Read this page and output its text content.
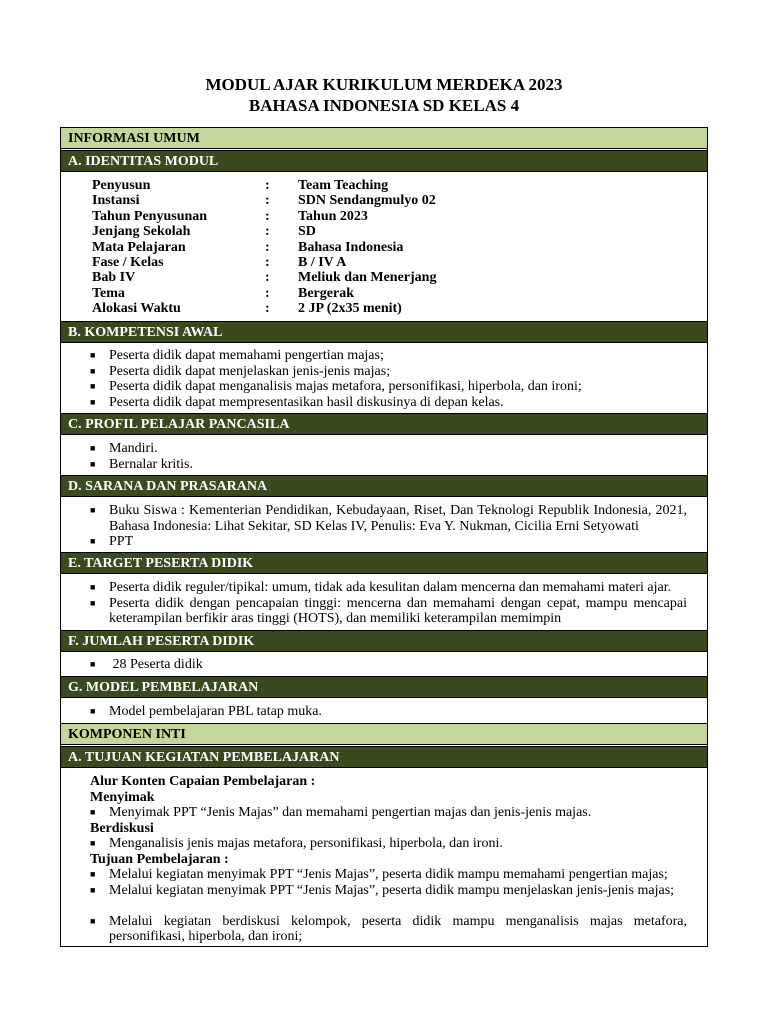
MODUL AJAR KURIKULUM MERDEKA 2023
BAHASA INDONESIA SD KELAS 4
INFORMASI UMUM
A. IDENTITAS MODUL
Penyusun	: Team Teaching
Instansi	: SDN Sendangmulyo 02
Tahun Penyusunan	: Tahun 2023
Jenjang Sekolah	: SD
Mata Pelajaran	: Bahasa Indonesia
Fase / Kelas	: B / IV A
Bab IV	: Meliuk dan Menerjang
Tema	: Bergerak
Alokasi Waktu	: 2 JP (2x35 menit)
B. KOMPETENSI AWAL
■ Peserta didik dapat memahami pengertian majas;
■ Peserta didik dapat menjelaskan jenis-jenis majas;
■ Peserta didik dapat menganalisis majas metafora, personifikasi, hiperbola, dan ironi;
■ Peserta didik dapat mempresentasikan hasil diskusinya di depan kelas.
C. PROFIL PELAJAR PANCASILA
■ Mandiri.
■ Bernalar kritis.
D. SARANA DAN PRASARANA
■ Buku Siswa : Kementerian Pendidikan, Kebudayaan, Riset, Dan Teknologi Republik Indonesia, 2021, Bahasa Indonesia: Lihat Sekitar, SD Kelas IV, Penulis: Eva Y. Nukman, Cicilia Erni Setyowati
■ PPT
E. TARGET PESERTA DIDIK
■ Peserta didik reguler/tipikal: umum, tidak ada kesulitan dalam mencerna dan memahami materi ajar.
■ Peserta didik dengan pencapaian tinggi: mencerna dan memahami dengan cepat, mampu mencapai keterampilan berfikir aras tinggi (HOTS), dan memiliki keterampilan memimpin
F. JUMLAH PESERTA DIDIK
■ 28 Peserta didik
G. MODEL PEMBELAJARAN
■ Model pembelajaran PBL tatap muka.
KOMPONEN INTI
A. TUJUAN KEGIATAN PEMBELAJARAN
Alur Konten Capaian Pembelajaran :
Menyimak
■ Menyimak PPT “Jenis Majas” dan memahami pengertian majas dan jenis-jenis majas.
Berdiskusi
■ Menganalisis jenis majas metafora, personifikasi, hiperbola, dan ironi.
Tujuan Pembelajaran :
■ Melalui kegiatan menyimak PPT “Jenis Majas”, peserta didik mampu memahami pengertian majas;
■ Melalui kegiatan menyimak PPT “Jenis Majas”, peserta didik mampu menjelaskan jenis-jenis majas;
■ Melalui kegiatan berdiskusi kelompok, peserta didik mampu menganalisis majas metafora, personifikasi, hiperbola, dan ironi;
